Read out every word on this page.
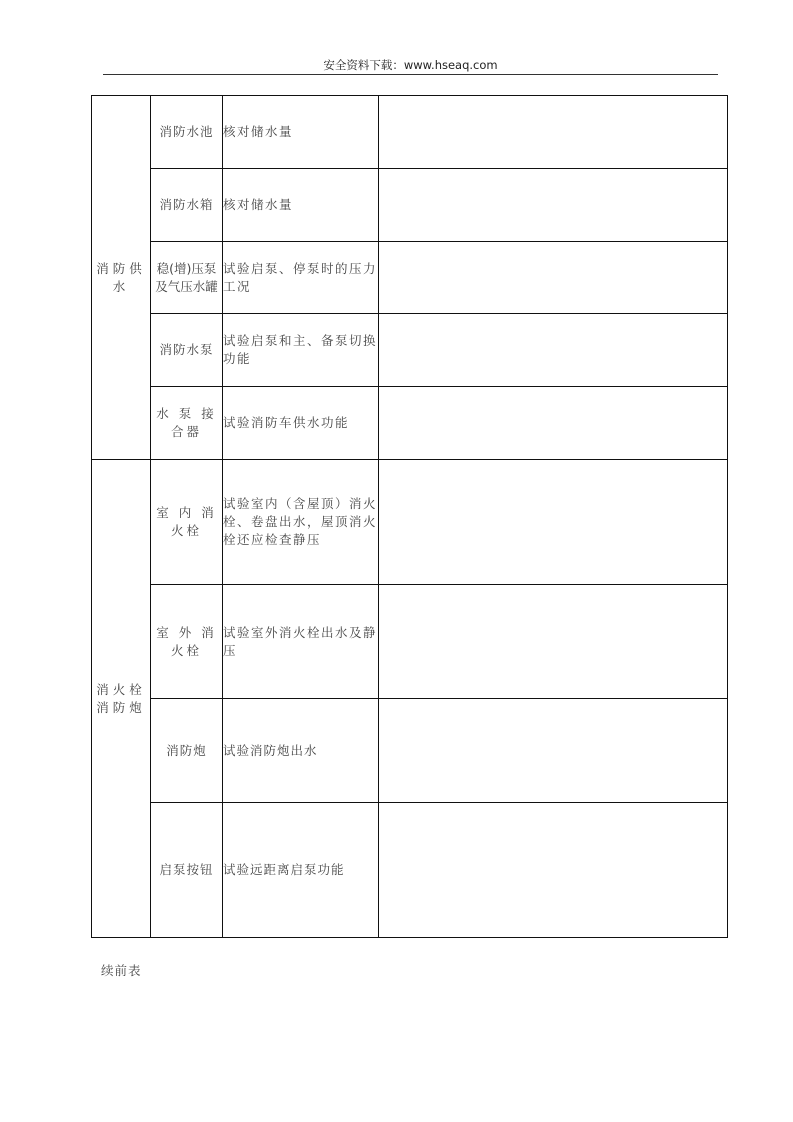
安全资料下载：www.hseaq.com
消防供水	消防水池	核对储水量	
	消防水箱	核对储水量	
	稳(增)压泵及气压水罐	试验启泵、停泵时的压力工况	
	消防水泵	试验启泵和主、备泵切换功能	
	水 泵 接合器	试验消防车供水功能	
消火栓消防炮	室 内 消火栓	试验室内（含屋顶）消火栓、卷盘出水，屋顶消火栓还应检查静压	
	室 外 消火栓	试验室外消火栓出水及静压	
	消防炮	试验消防炮出水	
	启泵按钮	试验远距离启泵功能	
续前表
